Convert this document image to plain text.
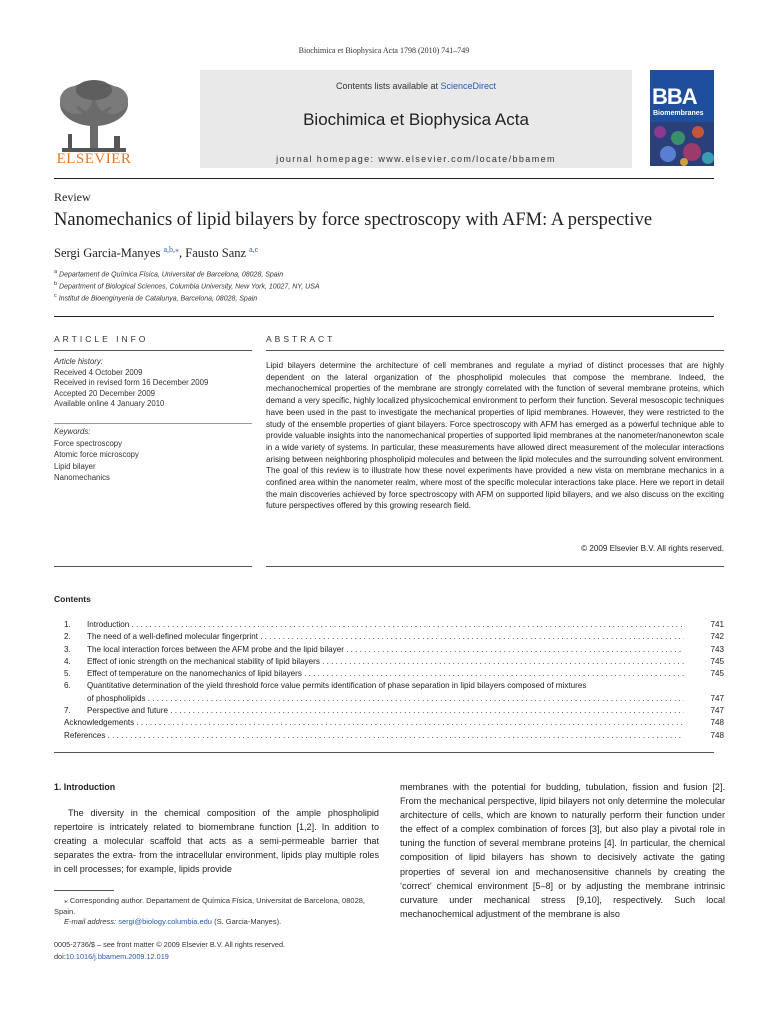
Biochimica et Biophysica Acta 1798 (2010) 741–749
Contents lists available at ScienceDirect
Biochimica et Biophysica Acta
journal homepage: www.elsevier.com/locate/bbamem
ELSEVIER
BBA
Biomembranes
Review
Nanomechanics of lipid bilayers by force spectroscopy with AFM: A perspective
Sergi Garcia-Manyes $^{a,b,⁎}$, Fausto Sanz $^{a,c}$
$^a$ Departament de Química Física, Universitat de Barcelona, 08028, Spain
$^b$ Department of Biological Sciences, Columbia University, New York, 10027, NY, USA
$^c$ Institut de Bioenginyeria de Catalunya, Barcelona, 08028, Spain
ARTICLE INFO	ABSTRACT
Article history:
Received 4 October 2009
Received in revised form 16 December 2009
Accepted 20 December 2009
Available online 4 January 2010
Keywords:
Force spectroscopy
Atomic force microscopy
Lipid bilayer
Nanomechanics
Lipid bilayers determine the architecture of cell membranes and regulate a myriad of distinct processes that are highly dependent on the lateral organization of the phospholipid molecules that compose the membrane. Indeed, the mechanochemical properties of the membrane are strongly correlated with the function of several membrane proteins, which demand a very specific, highly localized physicochemical environment to perform their function. Several mesoscopic techniques have been used in the past to investigate the mechanical properties of lipid membranes. However, they were restricted to the study of the ensemble properties of giant bilayers. Force spectroscopy with AFM has emerged as a powerful technique able to provide valuable insights into the nanomechanical properties of supported lipid membranes at the nanometer/nanonewton scale in a wide variety of systems. In particular, these measurements have allowed direct measurement of the molecular interactions arising between neighboring phospholipid molecules and between the lipid molecules and the surrounding solvent environment. The goal of this review is to illustrate how these novel experiments have provided a new vista on membrane mechanics in a confined area within the nanometer realm, where most of the specific molecular interactions take place. Here we report in detail the main discoveries achieved by force spectroscopy with AFM on supported lipid bilayers, and we also discuss on the exciting future perspectives offered by this growing research field.
© 2009 Elsevier B.V. All rights reserved.
Contents
1. Introduction . . .	741
2. The need of a well-defined molecular fingerprint . . .	742
3. The local interaction forces between the AFM probe and the lipid bilayer . . .	743
4. Effect of ionic strength on the mechanical stability of lipid bilayers . . .	745
5. Effect of temperature on the nanomechanics of lipid bilayers . . .	745
6. Quantitative determination of the yield threshold force value permits identification of phase separation in lipid bilayers composed of mixtures
of phospholipids . . .	747
7. Perspective and future . . .	747
Acknowledgements . . .	748
References . . .	748
1. Introduction
The diversity in the chemical composition of the ample phospholipid repertoire is intricately related to biomembrane function [1,2]. In addition to creating a molecular scaffold that acts as a semi-permeable barrier that separates the extra- from the intracellular environment, lipids play multiple roles in cell processes; for example, lipids provide
membranes with the potential for budding, tubulation, fission and fusion [2]. From the mechanical perspective, lipid bilayers not only determine the molecular architecture of cells, which are known to naturally perform their function under the effect of a complex combination of forces [3], but also play a pivotal role in tuning the function of several membrane proteins [4]. In particular, the chemical composition of lipid bilayers has shown to decisively activate the gating properties of several ion and mechanosensitive channels by creating the ‘correct’ chemical environment [5–8] or by adjusting the membrane intrinsic curvature under mechanical stress [9,10], respectively. Such local mechanochemical adjustment of the membrane is also
⁎ Corresponding author. Departament de Química Física, Universitat de Barcelona, 08028, Spain.
E-mail address: sergi@biology.columbia.edu (S. Garcia-Manyes).
0005-2736/$ – see front matter © 2009 Elsevier B.V. All rights reserved.
doi:10.1016/j.bbamem.2009.12.019
